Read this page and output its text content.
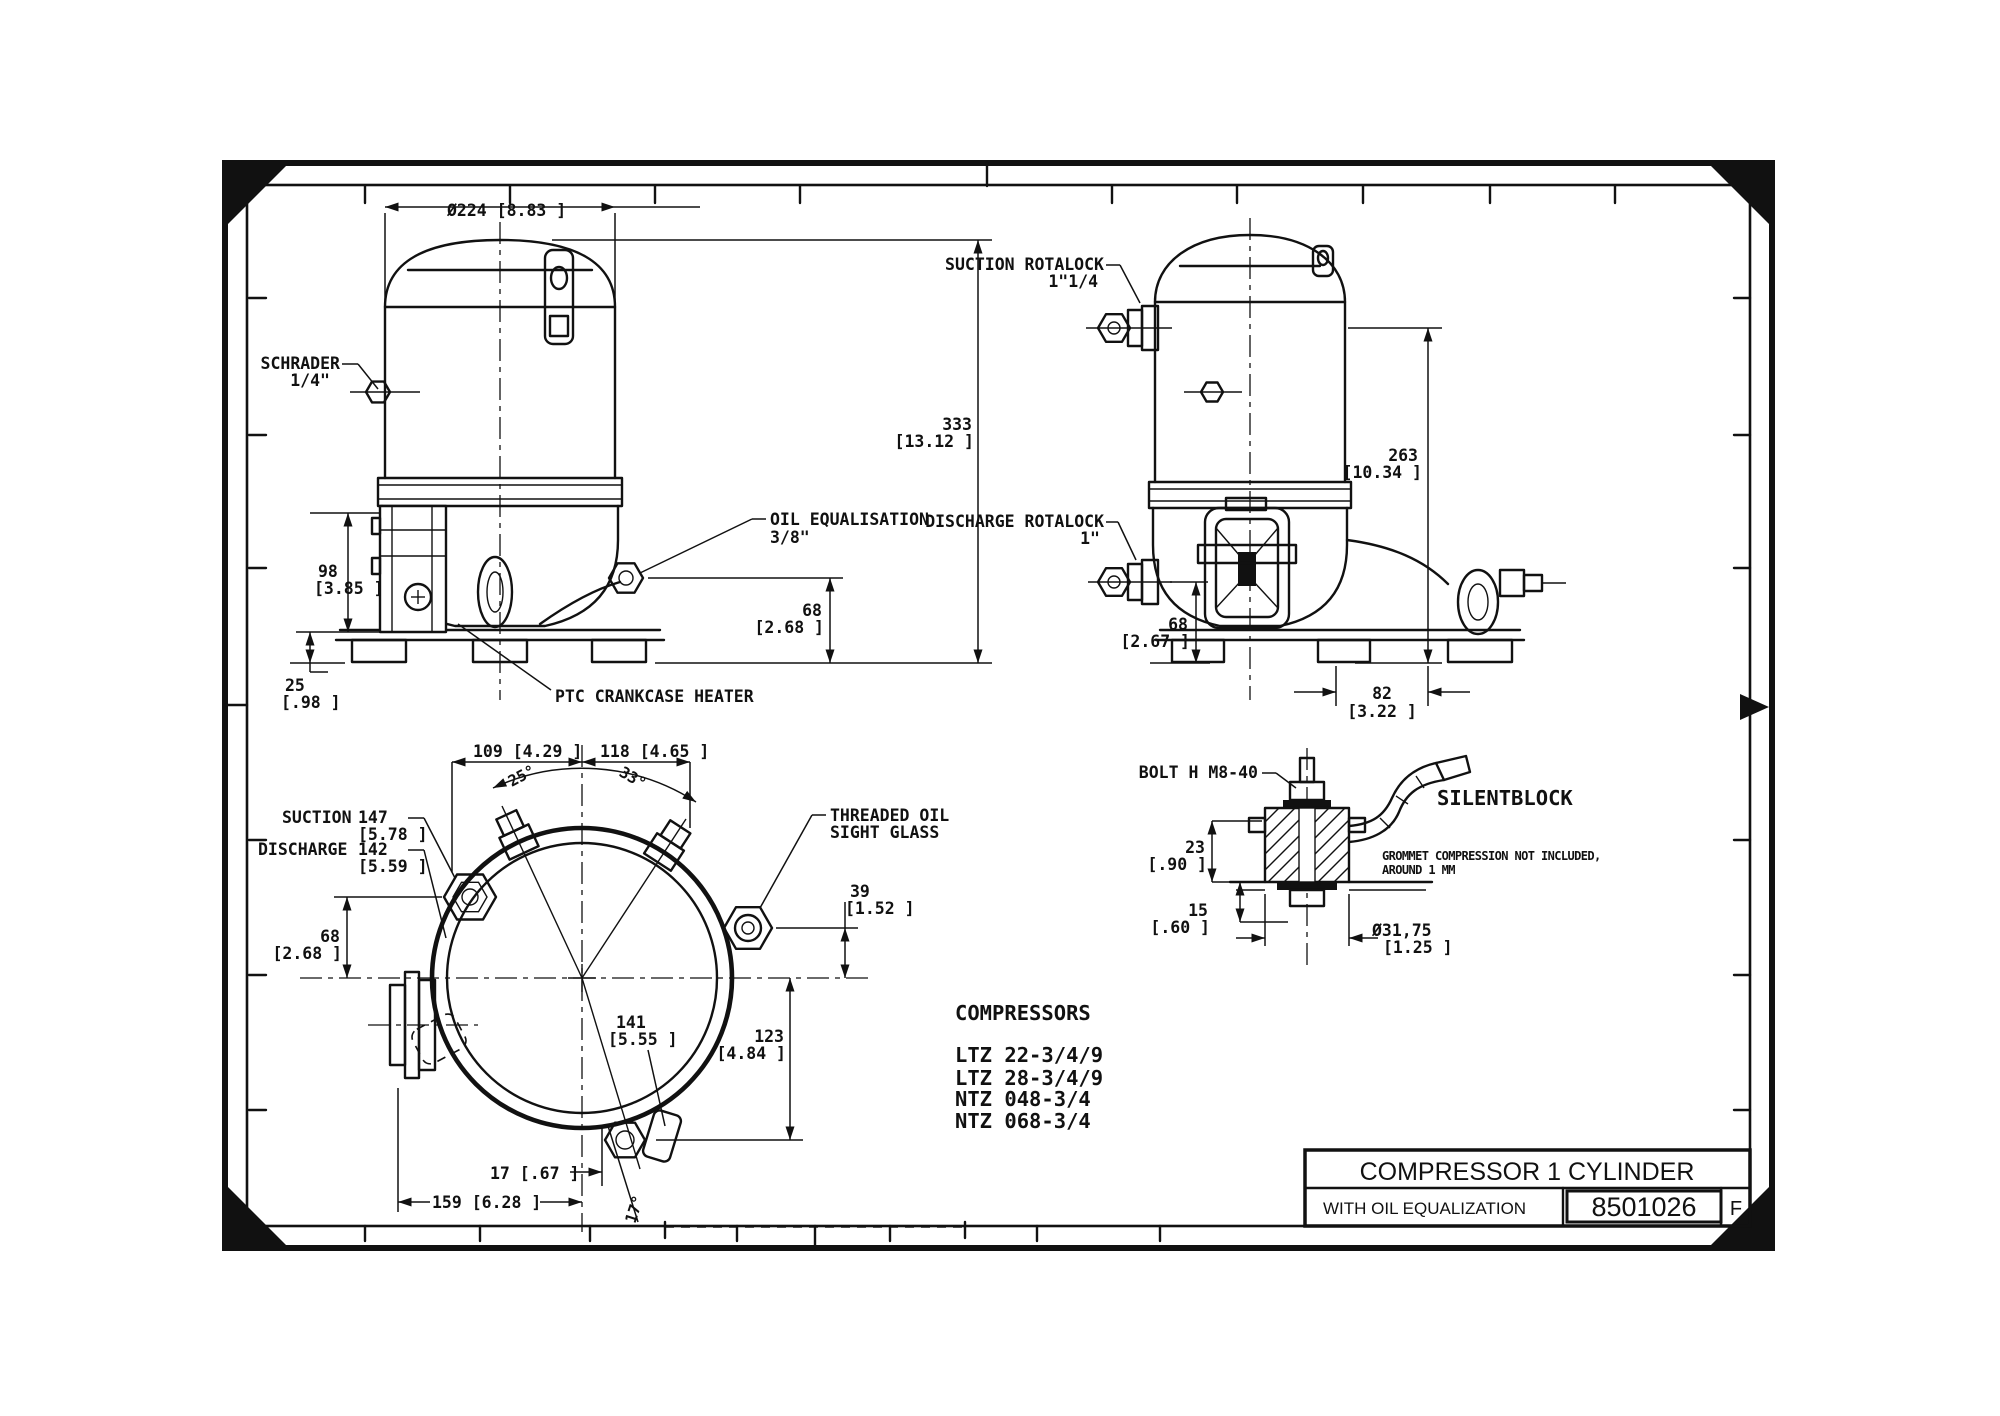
Ø224 [8.83 ]
333
[13.12 ]
68
[2.68 ]
98
[3.85 ]
25
[.98 ]
SCHRADER
1/4"
OIL EQUALISATION
3/8"
PTC CRANKCASE HEATER
263
[10.34 ]
68
[2.67 ]
82
[3.22 ]
SUCTION ROTALOCK
1"1/4
DISCHARGE ROTALOCK
1"
109 [4.29 ] 118 [4.65 ]
25°	33°
SUCTION 147
[5.78 ]
DISCHARGE 142
[5.59 ]
68
[2.68 ]
39
[1.52 ]
123
[4.84 ]
141
[5.55 ]
17 [.67 ]
159 [6.28 ]	17°
THREADED OIL
SIGHT GLASS
23
[.90 ]
15
[.60 ]	Ø31,75
[1.25 ]
BOLT H M8-40
SILENTBLOCK
GROMMET COMPRESSION NOT INCLUDED,
AROUND 1 MM
COMPRESSORS
LTZ 22-3/4/9
LTZ 28-3/4/9
NTZ 048-3/4
NTZ 068-3/4
COMPRESSOR 1 CYLINDER
WITH OIL EQUALIZATION 8501026 F
